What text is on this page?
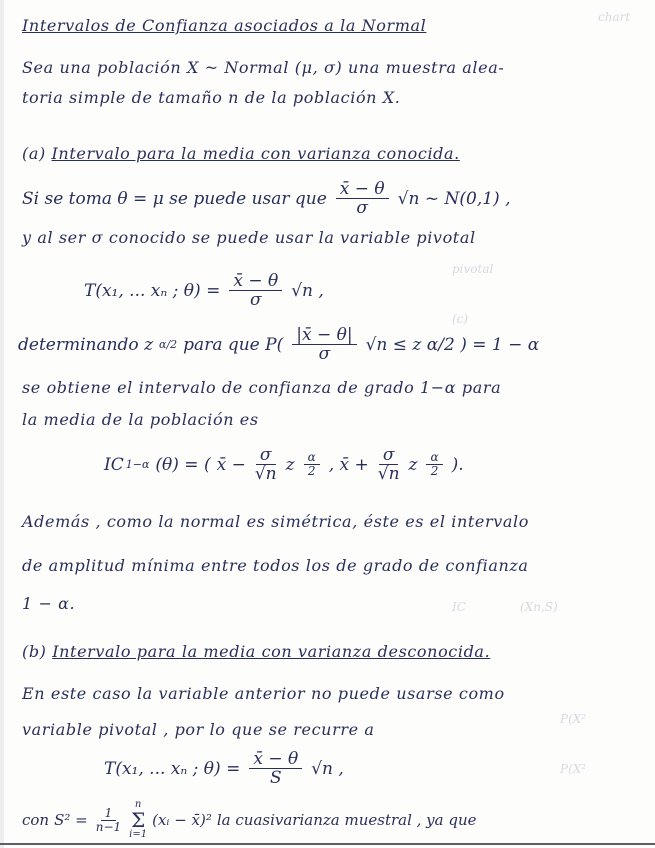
chart
pivotal
(c)
IC	(Xn,S)
P(X²
P(X²
Intervalos de Confianza asociados a la Normal
Sea una población X ~ Normal (μ, σ) una muestra alea-
toria simple de tamaño n de la población X.
(a) Intervalo para la media con varianza conocida.
Si se toma θ = μ se puede usar que $\frac{x̄ - \theta}{\sigma} √n$ ~ N(0,1) ,
y al ser σ conocido se puede usar la variable pivotal
T(x₁, ... xₙ ; $\theta) = \frac{x̄ - \theta}{\sigma} √n$ ,
determinando z α/2 para que $P( \frac{|x̄ - \theta|}{\sigma} √n \le z$ α/2 ) = 1 − α
se obtiene el intervalo de confianza de grado 1−α para
la media de la población es
IC 1−α (θ) = ( x̄ − $\frac{\sigma}{√n}$ z $\frac{\alpha}{2}$ , x̄ + $\frac{\sigma}{√n}$ z $\frac{\alpha}{2}$ ).
Además , como la normal es simétrica, éste es el intervalo
de amplitud mínima entre todos los de grado de confianza
1 − α.
(b) Intervalo para la media con varianza desconocida.
En este caso la variable anterior no puede usarse como
variable pivotal , por lo que se recurre a
T(x₁, ... xₙ ; $\theta) = \frac{x̄ - \theta}{S} √n$ ,
con $S^2 = \frac{1}{n-1}$
n
Σ
i=1
(xᵢ − x̄)² la cuasivarianza muestral , ya que
